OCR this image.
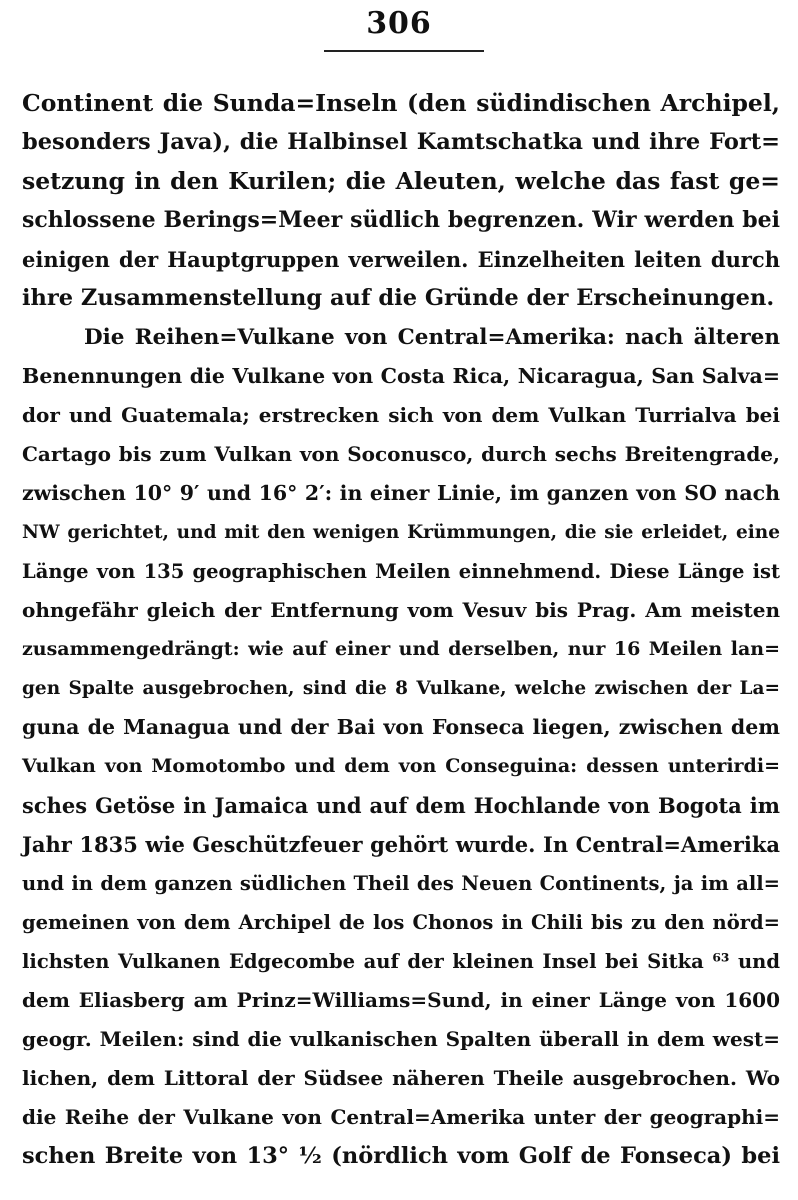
306
Continent die Sunda=Inseln (den südindischen Archipel,
besonders Java), die Halbinsel Kamtschatka und ihre Fort=
setzung in den Kurilen; die Aleuten, welche das fast ge=
schlossene Berings=Meer südlich begrenzen. Wir werden bei
einigen der Hauptgruppen verweilen. Einzelheiten leiten durch
ihre Zusammenstellung auf die Gründe der Erscheinungen.
Die Reihen=Vulkane von Central=Amerika: nach älteren
Benennungen die Vulkane von Costa Rica, Nicaragua, San Salva=
dor und Guatemala; erstrecken sich von dem Vulkan Turrialva bei
Cartago bis zum Vulkan von Soconusco, durch sechs Breitengrade,
zwischen 10° 9′ und 16° 2′: in einer Linie, im ganzen von SO nach
NW gerichtet, und mit den wenigen Krümmungen, die sie erleidet, eine
Länge von 135 geographischen Meilen einnehmend. Diese Länge ist
ohngefähr gleich der Entfernung vom Vesuv bis Prag. Am meisten
zusammengedrängt: wie auf einer und derselben, nur 16 Meilen lan=
gen Spalte ausgebrochen, sind die 8 Vulkane, welche zwischen der La=
guna de Managua und der Bai von Fonseca liegen, zwischen dem
Vulkan von Momotombo und dem von Conseguina: dessen unterirdi=
sches Getöse in Jamaica und auf dem Hochlande von Bogota im
Jahr 1835 wie Geschützfeuer gehört wurde. In Central=Amerika
und in dem ganzen südlichen Theil des Neuen Continents, ja im all=
gemeinen von dem Archipel de los Chonos in Chili bis zu den nörd=
lichsten Vulkanen Edgecombe auf der kleinen Insel bei Sitka ⁶³ und
dem Eliasberg am Prinz=Williams=Sund, in einer Länge von 1600
geogr. Meilen: sind die vulkanischen Spalten überall in dem west=
lichen, dem Littoral der Südsee näheren Theile ausgebrochen. Wo
die Reihe der Vulkane von Central=Amerika unter der geographi=
schen Breite von 13° ½ (nördlich vom Golf de Fonseca) bei
